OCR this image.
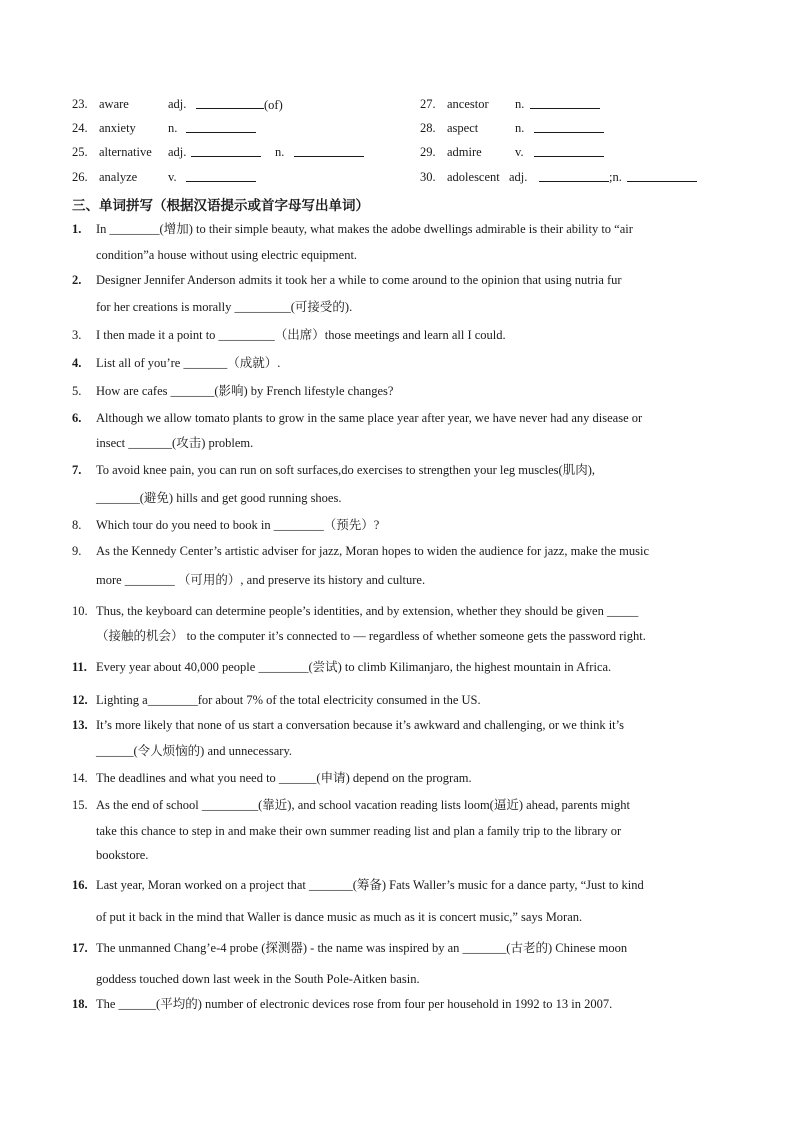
23. aware	adj.	(of)
24. anxiety	n.
25. alternative adj.	n.
26. analyze v.
27. ancestor n.
28. aspect	n.
29. admire	v.
30. adolescent adj.	;n.
三、单词拼写（根据汉语提示或首字母写出单词）
1.	In ________(增加) to their simple beauty, what makes the adobe dwellings admirable is their ability to “air
condition”a house without using electric equipment.
2.	Designer Jennifer Anderson admits it took her a while to come around to the opinion that using nutria fur
for her creations is morally _________(可接受的).
3.	I then made it a point to _________（出席）those meetings and learn all I could.
4.	List all of you’re _______（成就）.
5.	How are cafes _______(影响) by French lifestyle changes?
6.	Although we allow tomato plants to grow in the same place year after year, we have never had any disease or
insect _______(攻击) problem.
7.	To avoid knee pain, you can run on soft surfaces,do exercises to strengthen your leg muscles(肌肉),
_______(避免) hills and get good running shoes.
8.	Which tour do you need to book in ________（预先）?
9.	As the Kennedy Center’s artistic adviser for jazz, Moran hopes to widen the audience for jazz, make the music
more ________ （可用的）, and preserve its history and culture.
10. Thus, the keyboard can determine people’s identities, and by extension, whether they should be given _____
（接触的机会） to the computer it’s connected to — regardless of whether someone gets the password right.
11. Every year about 40,000 people ________(尝试) to climb Kilimanjaro, the highest mountain in Africa.
12. Lighting a________for about 7% of the total electricity consumed in the US.
13. It’s more likely that none of us start a conversation because it’s awkward and challenging, or we think it’s
______(令人烦恼的) and unnecessary.
14. The deadlines and what you need to ______(申请) depend on the program.
15. As the end of school _________(靠近), and school vacation reading lists loom(逼近) ahead, parents might
take this chance to step in and make their own summer reading list and plan a family trip to the library or
bookstore.
16. Last year, Moran worked on a project that _______(筹备) Fats Waller’s music for a dance party, “Just to kind
of put it back in the mind that Waller is dance music as much as it is concert music,” says Moran.
17. The unmanned Chang’e-4 probe (探测器) - the name was inspired by an _______(古老的) Chinese moon
goddess touched down last week in the South Pole-Aitken basin.
18. The ______(平均的) number of electronic devices rose from four per household in 1992 to 13 in 2007.
